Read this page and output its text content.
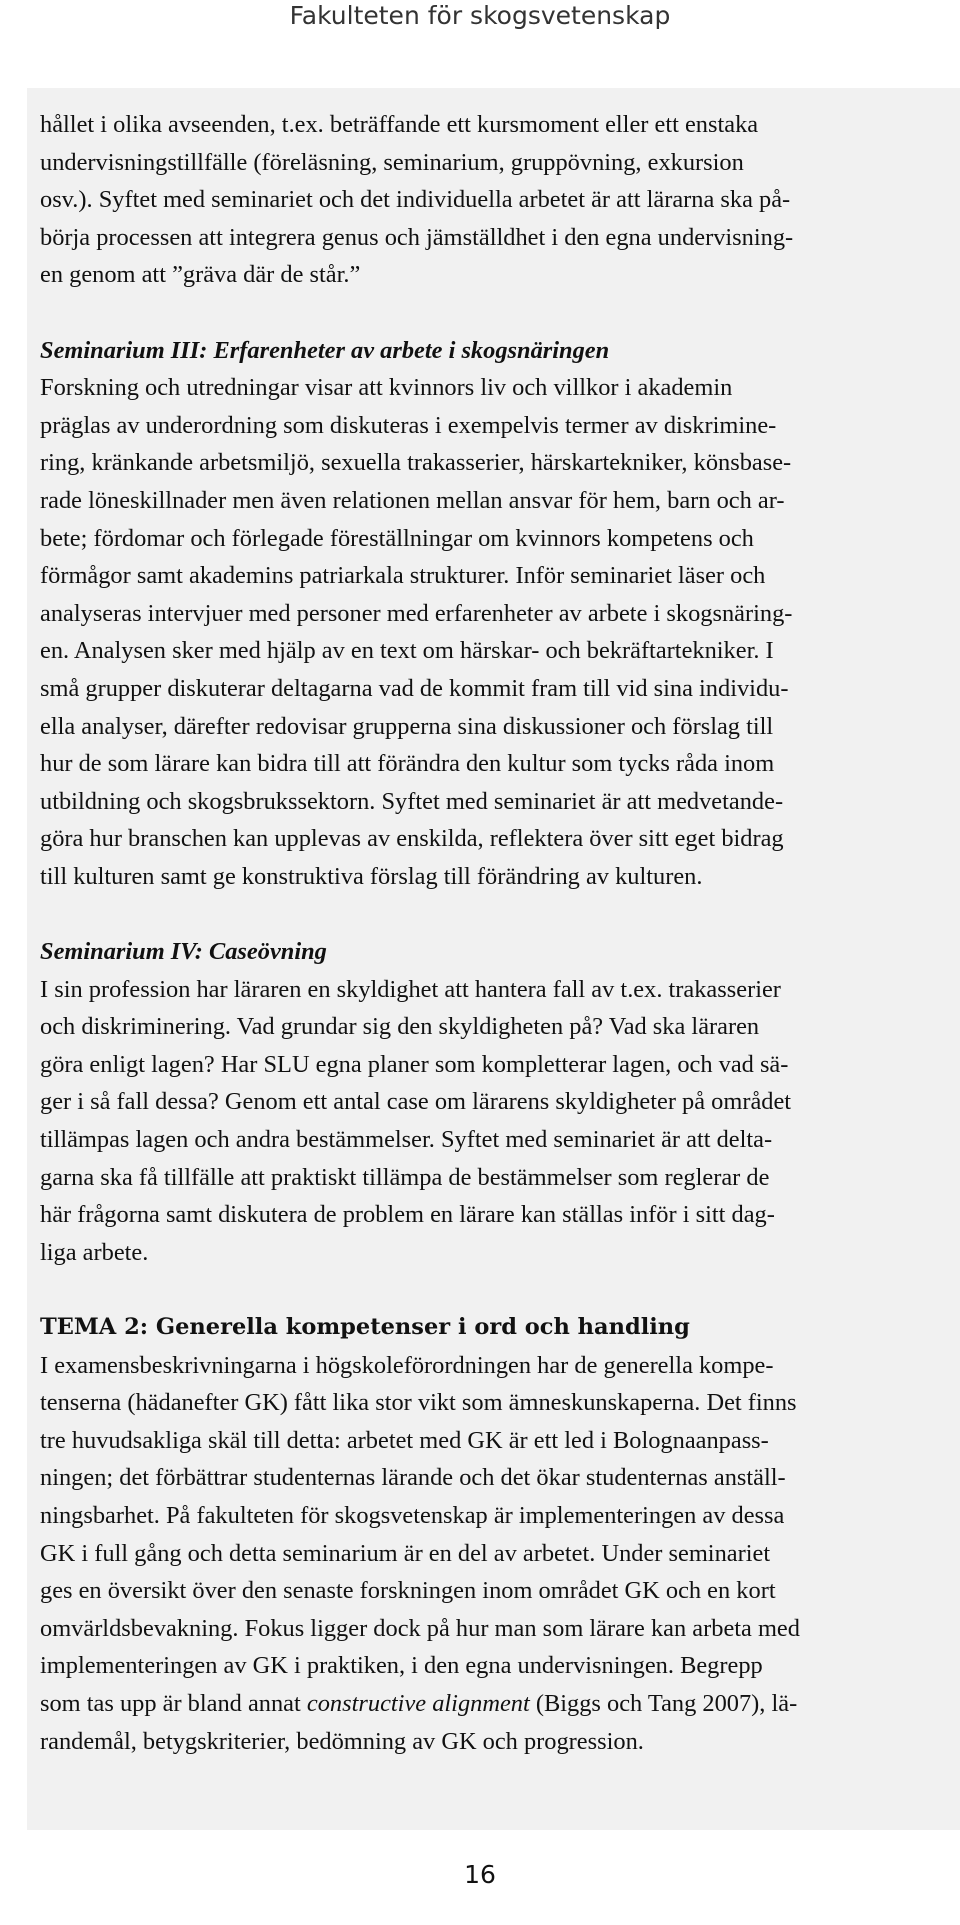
Fakulteten för skogsvetenskap
hållet i olika avseenden, t.ex. beträffande ett kursmoment eller ett enstaka
undervisningstillfälle (föreläsning, seminarium, gruppövning, exkursion
osv.). Syftet med seminariet och det individuella arbetet är att lärarna ska på-
börja processen att integrera genus och jämställdhet i den egna undervisning-
en genom att ”gräva där de står.”
Seminarium III: Erfarenheter av arbete i skogsnäringen
Forskning och utredningar visar att kvinnors liv och villkor i akademin
präglas av underordning som diskuteras i exempelvis termer av diskrimine-
ring, kränkande arbetsmiljö, sexuella trakasserier, härskartekniker, könsbase-
rade löneskillnader men även relationen mellan ansvar för hem, barn och ar-
bete; fördomar och förlegade föreställningar om kvinnors kompetens och
förmågor samt akademins patriarkala strukturer. Inför seminariet läser och
analyseras intervjuer med personer med erfarenheter av arbete i skogsnäring-
en. Analysen sker med hjälp av en text om härskar- och bekräftartekniker. I
små grupper diskuterar deltagarna vad de kommit fram till vid sina individu-
ella analyser, därefter redovisar grupperna sina diskussioner och förslag till
hur de som lärare kan bidra till att förändra den kultur som tycks råda inom
utbildning och skogsbrukssektorn. Syftet med seminariet är att medvetande-
göra hur branschen kan upplevas av enskilda, reflektera över sitt eget bidrag
till kulturen samt ge konstruktiva förslag till förändring av kulturen.
Seminarium IV: Caseövning
I sin profession har läraren en skyldighet att hantera fall av t.ex. trakasserier
och diskriminering. Vad grundar sig den skyldigheten på? Vad ska läraren
göra enligt lagen? Har SLU egna planer som kompletterar lagen, och vad sä-
ger i så fall dessa? Genom ett antal case om lärarens skyldigheter på området
tillämpas lagen och andra bestämmelser. Syftet med seminariet är att delta-
garna ska få tillfälle att praktiskt tillämpa de bestämmelser som reglerar de
här frågorna samt diskutera de problem en lärare kan ställas inför i sitt dag-
liga arbete.
TEMA 2: Generella kompetenser i ord och handling
I examensbeskrivningarna i högskoleförordningen har de generella kompe-
tenserna (hädanefter GK) fått lika stor vikt som ämneskunskaperna. Det finns
tre huvudsakliga skäl till detta: arbetet med GK är ett led i Bolognaanpass-
ningen; det förbättrar studenternas lärande och det ökar studenternas anställ-
ningsbarhet. På fakulteten för skogsvetenskap är implementeringen av dessa
GK i full gång och detta seminarium är en del av arbetet. Under seminariet
ges en översikt över den senaste forskningen inom området GK och en kort
omvärldsbevakning. Fokus ligger dock på hur man som lärare kan arbeta med
implementeringen av GK i praktiken, i den egna undervisningen. Begrepp
som tas upp är bland annat constructive alignment (Biggs och Tang 2007), lä-
randemål, betygskriterier, bedömning av GK och progression.
16
